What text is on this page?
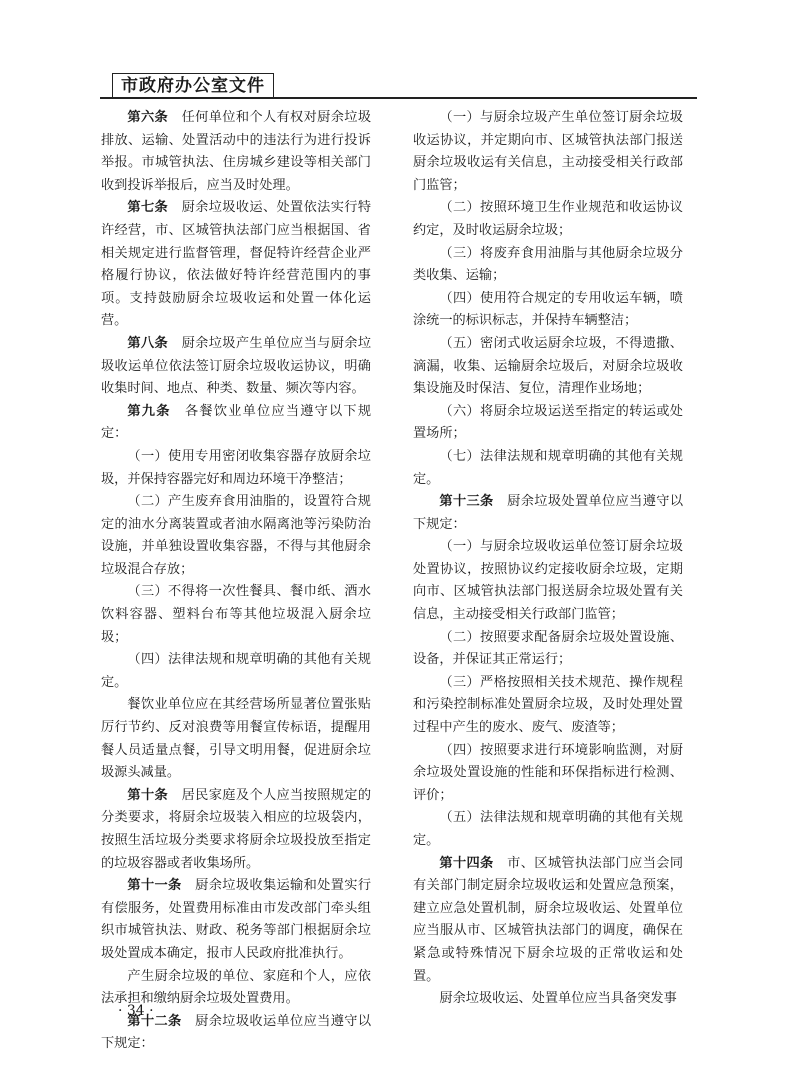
市政府办公室文件

第六条　 任何单位和个人有权对厨余垃圾排放、运输、处置活动中的违法行为进行投诉举报。市城管执法、住房城乡建设等相关部门收到投诉举报后，应当及时处理。

第七条　 厨余垃圾收运、处置依法实行特许经营，市、区城管执法部门应当根据国、省相关规定进行监督管理，督促特许经营企业严格履行协议，依法做好特许经营范围内的事项。支持鼓励厨余垃圾收运和处置一体化运营。

第八条　 厨余垃圾产生单位应当与厨余垃圾收运单位依法签订厨余垃圾收运协议，明确收集时间、地点、种类、数量、频次等内容。

第九条　 各餐饮业单位应当遵守以下规定：

（一）使用专用密闭收集容器存放厨余垃圾，并保持容器完好和周边环境干净整洁；

（二）产生废弃食用油脂的，设置符合规定的油水分离装置或者油水隔离池等污染防治设施，并单独设置收集容器，不得与其他厨余垃圾混合存放；

（三）不得将一次性餐具、餐巾纸、酒水饮料容器、塑料台布等其他垃圾混入厨余垃圾；

（四）法律法规和规章明确的其他有关规定。

餐饮业单位应在其经营场所显著位置张贴厉行节约、反对浪费等用餐宣传标语，提醒用餐人员适量点餐，引导文明用餐，促进厨余垃圾源头减量。

第十条　 居民家庭及个人应当按照规定的分类要求，将厨余垃圾装入相应的垃圾袋内，按照生活垃圾分类要求将厨余垃圾投放至指定的垃圾容器或者收集场所。

第十一条　 厨余垃圾收集运输和处置实行有偿服务，处置费用标准由市发改部门牵头组织市城管执法、财政、税务等部门根据厨余垃圾处置成本确定，报市人民政府批准执行。

产生厨余垃圾的单位、家庭和个人，应依法承担和缴纳厨余垃圾处置费用。

第十二条　 厨余垃圾收运单位应当遵守以下规定：

（一）与厨余垃圾产生单位签订厨余垃圾收运协议，并定期向市、区城管执法部门报送厨余垃圾收运有关信息，主动接受相关行政部门监管；

（二）按照环境卫生作业规范和收运协议约定，及时收运厨余垃圾；

（三）将废弃食用油脂与其他厨余垃圾分类收集、运输；

（四）使用符合规定的专用收运车辆，喷涂统一的标识标志，并保持车辆整洁；

（五）密闭式收运厨余垃圾，不得遗撒、滴漏，收集、运输厨余垃圾后，对厨余垃圾收集设施及时保洁、复位，清理作业场地；

（六）将厨余垃圾运送至指定的转运或处置场所；

（七）法律法规和规章明确的其他有关规定。

第十三条　 厨余垃圾处置单位应当遵守以下规定：

（一）与厨余垃圾收运单位签订厨余垃圾处置协议，按照协议约定接收厨余垃圾，定期向市、区城管执法部门报送厨余垃圾处置有关信息，主动接受相关行政部门监管；

（二）按照要求配备厨余垃圾处置设施、设备，并保证其正常运行；

（三）严格按照相关技术规范、操作规程和污染控制标准处置厨余垃圾，及时处理处置过程中产生的废水、废气、废渣等；

（四）按照要求进行环境影响监测，对厨余垃圾处置设施的性能和环保指标进行检测、评价；

（五）法律法规和规章明确的其他有关规定。

第十四条　 市、区城管执法部门应当会同有关部门制定厨余垃圾收运和处置应急预案，建立应急处置机制，厨余垃圾收运、处置单位应当服从市、区城管执法部门的调度，确保在紧急或特殊情况下厨余垃圾的正常收运和处置。

厨余垃圾收运、处置单位应当具备突发事

· 34 ·
